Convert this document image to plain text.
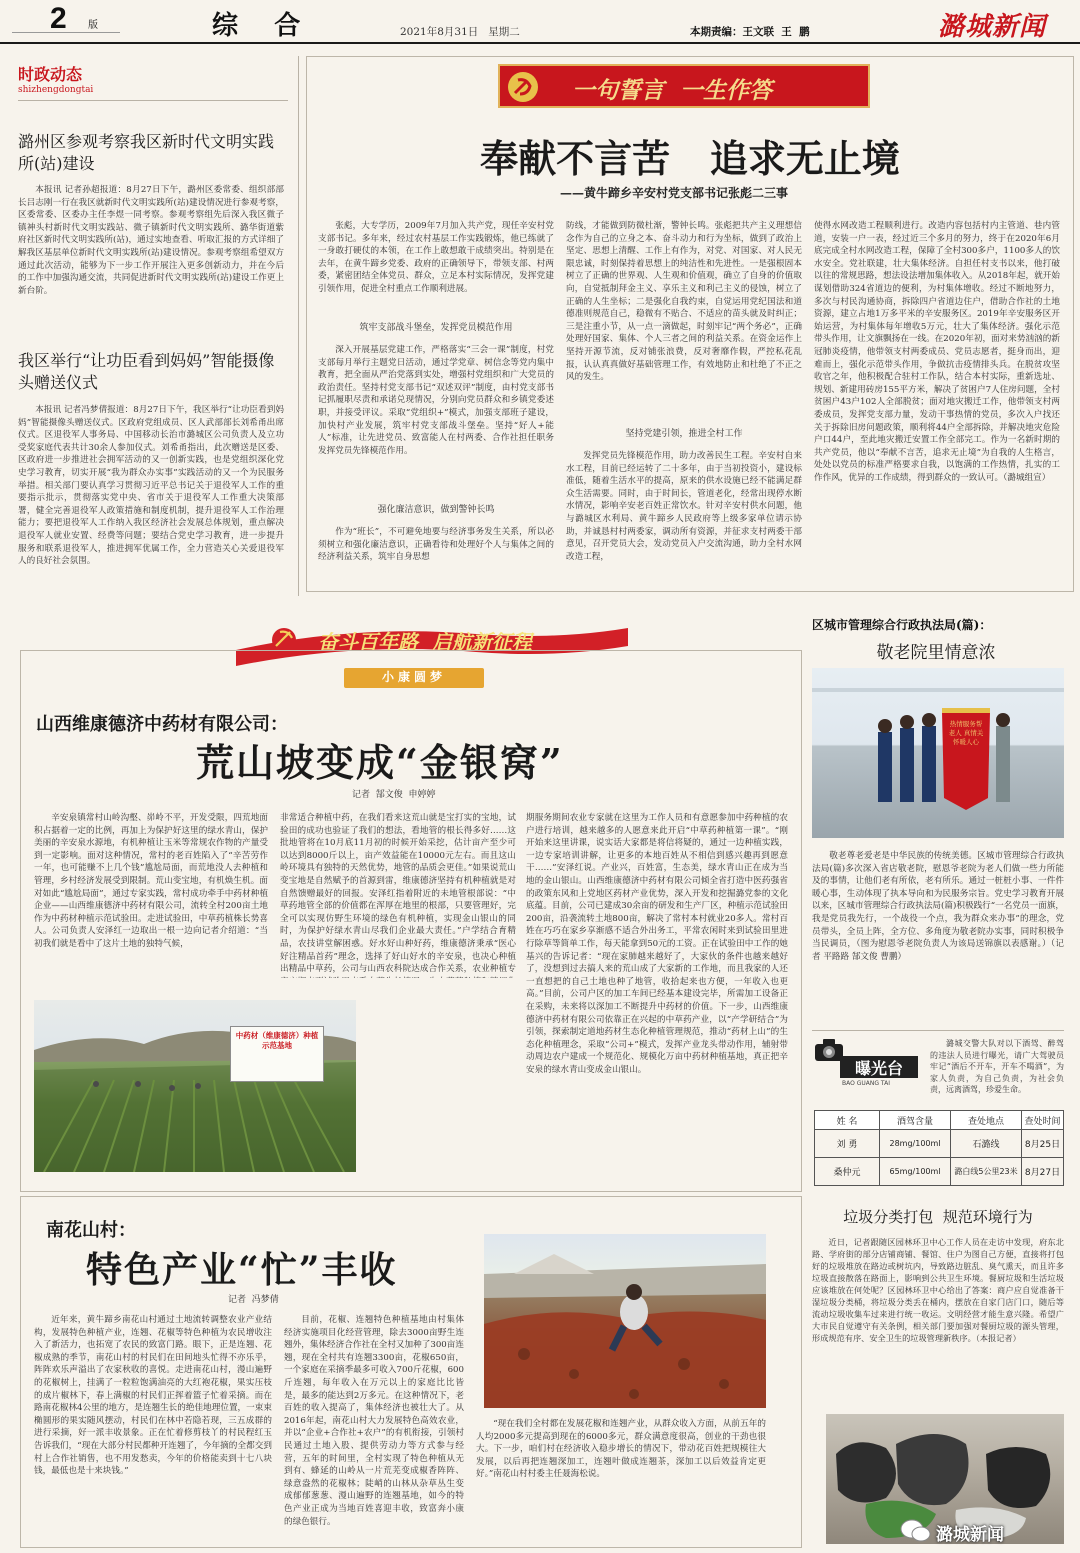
2 版	综    合	2021年8月31日   星期二	本期责编：王文联  王  鹏	潞城新闻
时政动态
shizhengdongtai
潞州区参观考察我区新时代文明实践所(站)建设
本报讯 记者孙超报道：8月27日下午，潞州区委常委、组织部部长吕志刚一行在我区就新时代文明实践所(站)建设情况进行参观考察，区委常委、区委办主任李煜一同考察。参观考察组先后深入我区微子镇神头村新时代文明实践站、微子镇新时代文明实践所、潞华街道紫府社区新时代文明实践所(站)，通过实地查看、听取汇报的方式详细了解我区基层单位新时代文明实践所(站)建设情况。参观考察组希望双方通过此次活动，能够为下一步工作开展注入更多创新动力，并在今后的工作中加强沟通交流，共同促进新时代文明实践所(站)建设工作更上新台阶。
我区举行“让功臣看到妈妈”智能摄像头赠送仪式
本报讯 记者冯梦倩报道：8月27日下午，我区举行“让功臣看到妈妈”智能摄像头赠送仪式。区政府党组成员、区人武部部长刘希甬出席仪式。区退役军人事务局、中国移动长治市潞城区公司负责人及立功受奖家庭代表共计30余人参加仪式。刘希甬指出，此次赠送是区委、区政府进一步推进社会拥军活动的又一创新实践，也是党组织深化党史学习教育，切实开展“我为群众办实事”实践活动的又一个为民服务举措。相关部门要认真学习贯彻习近平总书记关于退役军人工作的重要指示批示，贯彻落实党中央、省市关于退役军人工作重大决策部署，健全完善退役军人政策措施和制度机制，提升退役军人工作治理能力；要把退役军人工作纳入我区经济社会发展总体规划，重点解决退役军人就业安置、经费等问题；要结合党史学习教育，进一步提升服务和联系退役军人，推进拥军优属工作，全力营造关心关爱退役军人的良好社会氛围。
一句誓言  一生作答
奉献不言苦   追求无止境
——黄牛蹄乡辛安村党支部书记张彪二三事
张彪，大专学历，2009年7月加入共产党，现任辛安村党支部书记。多年来，经过农村基层工作实践锻炼，他已练就了一身敢打硬仗的本领，在工作上敢想敢干成绩突出。特别是在去年，在黄牛蹄乡党委、政府的正确领导下，带领支部、村两委，紧密团结全体党员、群众，立足本村实际情况，发挥党建引领作用，促进全村重点工作顺利进展。
筑牢支部战斗堡垒，发挥党员模范作用
深入开展基层党建工作，严格落实“三会一课”制度，村党支部每月举行主题党日活动，通过学党章、树信念等党内集中教育，把全面从严治党落到实处，增强村党组织和广大党员的政治责任。坚持村党支部书记“双述双评”制度，由村党支部书记抓履职尽责和承诺兑现情况，分别向党员群众和乡镇党委述职，并接受评议。采取“党组织+”模式，加强支部班子建设，加快村产业发展，筑牢村党支部战斗堡垒。坚持“好人+能人”标准，让先进党员、致富能人在村两委、合作社担任职务发挥党员先锋模范作用。
强化廉洁意识，做到警钟长鸣
作为“班长”，不可避免地要与经济事务发生关系，所以必须树立和强化廉洁意识，正确看待和处理好个人与集体之间的经济利益关系，筑牢自身思想
防线，才能做到防微杜渐，警钟长鸣。张彪把共产主义理想信念作为自己的立身之本、奋斗动力和行为坐标，做到了政治上坚定、思想上清醒、工作上有作为，对党、对国家、对人民无限忠诚，时刻保持着思想上的纯洁性和先进性。一是强根固本树立了正确的世界观、人生观和价值观，确立了自身的价值取向，自觉抵制拜金主义、享乐主义和利己主义的侵蚀，树立了正确的人生坐标；二是强化自我约束，自觉运用党纪国法和道德准则规范自己，稳微有不贴合、不适应的苗头就及时纠正；三是注重小节，从一点一滴做起，时刻牢记“两个务必”，正确处理好国家、集体、个人三者之间的利益关系。在资金运作上坚持开源节流，反对铺张浪费，反对奢靡作假，严控私花乱报，认认真真做好基础管理工作，有效地防止和杜绝了不正之风的发生。
坚持党建引领，推进全村工作
发挥党员先锋模范作用，助力改善民生工程。辛安村自来水工程，目前已经运转了二十多年，由于当初投资小，建设标准低，随着生活水平的提高，原来的供水设施已经不能满足群众生活需要。同时，由于时间长，管道老化，经常出现停水断水情况，影响辛安老百姓正常饮水。针对辛安村供水问题，他与潞城区水利局、黄牛蹄乡人民政府等上级多家单位请示协助，并诚恳村村两委家，调动所有资源，并征求支村两委干部意见，召开党员大会，发动党员入户交流沟通，助力全村水网改造工程，
使得水网改造工程顺利进行。改造内容包括村内主管道、巷内管道，安装一户一表，经过近三个多月的努力，终于在2020年6月底完成全村水网改造工程，保障了全村300多户，1100多人的饮水安全。党社联建，壮大集体经济。自担任村支书以来，他打破以往的常规思路，想法设法增加集体收入。从2018年起，就开始谋划借助324省道边的便利，为村集体增收。经过不断地努力，多次与村民沟通协商，拆除四户省道边住户，借助合作社的土地资源，建立占地1万多平米的辛安服务区。2019年辛安服务区开始运营，为村集体每年增收5万元，壮大了集体经济。强化示范带头作用，让文旗飘扬在一线。在2020年初，面对来势汹汹的新冠肺炎疫情，他带领支村两委成员、党员志愿者，挺身而出，迎难而上，强化示范带头作用，争做抗击疫情排头兵。在脱贫攻坚收官之年，他积极配合驻村工作队，结合本村实际，重新选址、规划、新建用砖房155平方米，解决了贫困户7人住房问题，全村贫困户43户102人全部脱贫；面对地灾搬迁工作，他带领支村两委成员，发挥党支部力量，发动干事热情的党员，多次入户找还关于拆除旧房问题政策，顺利将44户全部拆除，并解决地灾危险户口44户，至此地灾搬迁安置工作全部完工。作为一名新时期的共产党员，他以“奉献不言苦，追求无止境”为自我的人生格言，处处以党员的标准严格要求自我，以饱满的工作热情，扎实的工作作风，优异的工作成绩，得到群众的一致认可。（潞城组宣）
奋斗百年路  启航新征程
小康圆梦
山西维康德济中药材有限公司：
荒山坡变成“金银窝”
记者  郜文俊  申婷婷
辛安泉镇常村山岭沟壑、峁岭不平，开发受限，四荒地面积占据着一定的比例，再加上为保护好这里的绿水青山，保护美丽的辛安泉水源地，有机种植让玉米等常规农作物的产量受到一定影响。面对这种情况，常村的老百姓陷入了“辛苦劳作一年，也可能赚不上几个钱”尴尬局面，而荒地没人去种植和管理，乡村经济发展受到限制。荒山变宝地，有机焕生机。面对如此“尴尬局面”，通过专家实践，常村成功牵手中药材种植企业——山西维康德济中药材有限公司，流转全村200亩土地作为中药材种植示范试验田。走进试验田，中草药植株长势喜人。公司负责人安泽红一边取出一根一边向记者介绍道：“当初我们就是看中了这片土地的独特气候，
非常适合种植中药，在我们看来这荒山就是宝打实的宝地，试验田的成功也验证了我们的想法，看地管的根长得多好……这批地管将在10月底11月初的时候开始采挖，估计亩产至少可以达到8000斤以上，亩产效益能在10000元左右。而且这山岭环境具有独特的天然优势，地管的品质会更佳。”如果说荒山变宝地是自然赋予的首源到雷，维康德济坚持有机种植就是对自然馈赠最好的回报。安泽红指着附近的未地管根部说：“中草药地管全部的价值都在浑厚在地里的根部，只要管理好，完全可以实现仿野生环境的绿色有机种植，实现金山银山的同时，为保护好绿水青山尽我们企业最大责任。”户学结合育精品，农技讲堂解困惑。好水好山种好药，维康德济秉承“医心好注精品首药”理念，选择了好山好水的辛安泉，也决心种植出精品中草药，公司与山西农科院达成合作关系，农业种植专
期服务期间农业专家就在这里为工作人员和有意愿参加中药种植的农户进行培训，越来越多的人愿意来此开启“中草药种植第一课”。“刚开始来这里讲课，说实话大家都是将信将疑的，通过一边种植实践，一边专家培训讲解，让更多的本地百姓从不相信到感兴趣再到愿意干……”安泽红说。产业兴，百姓富，生态美，绿水青山正在成为当地的金山银山。山西维康德济中药材有限公司倾全省打造中医药强省的政策东风和上党地区药材产业优势，深入开发和挖掘潞党参的文化底蕴。目前，公司已建成30余亩的研发和生产厂区，种植示范试验田200亩，沿袭流转土地800亩，解决了常村本村就业20多人。常村百姓在巧巧在家乡享渐感不适合外出务工，平常农闲时来到试验田里进行除草等简单工作，每天能拿到50元的工资。正在试验田中工作的她基兴的告诉记者：“现在家肺越来越好了，大家伙的条件也越来越好了，没想到过去搞人来的荒山成了大家新的工作地，而且我家的人还一直想把的自己土地也种了地管，收拾起来也方便，一年收入也更高。”目前，公司户区的加工车间已经基本建设完毕，所需加工设备正在采购，未来将以深加工不断提升中药材的价值。下一步，山西维康德济中药材有限公司依靠正在兴起的中草药产业，以“产学研结合”为引领，探索制定道地药材生态化种植管理规范，推动“药材上山”的生态化种植理念，采取“公司+”模式，发挥产业龙头带动作用，辅射带动周边农户建成一个规范化、规模化万亩中药材种植基地，真正把辛安泉的绿水青山变成金山银山。
中药材（维康德济）种植示范基地
南花山村：
特色产业“忙”丰收
记者  冯梦倩
近年来，黄牛蹄乡南花山村通过土地流转调整农业产业结构，发展特色种植产业，连翘、花椒等特色种植为农民增收注入了新活力，也拓宽了农民的致富门路。眼下，正是连翘、花椒成熟的季节，南花山村的村民们在田间地头忙得不亦乐乎，阵阵欢乐声溢出了农家秋收的喜悦。走进南花山村，漫山遍野的花椒树上，挂满了一粒粒饱满油亮的大红袍花椒，果实压枝的成片椒林下，春上满椒的村民们正挥着篮子忙着采摘。而在路南花椒林4公里的地方，是连翘生长的绝佳地理位置，一束束椭圆形的果实随风摆动，村民们在林中若隐若现，三五成群的进行采摘，好一派丰收景象。正在忙着修剪枝丫的村民程红玉告诉我们，“现在大部分村民都种开连翘了，今年摘的全都交到村上合作社销售，也不用发愁卖，今年的价格能卖到十七八块钱，最低也是十来块钱。”
目前，花椒、连翘特色种植基地由村集体经济实施项目化经营管理，除去3000亩野生连翘外，集体经济合作社在全村又加种了300亩连翘，现在全村共有连翘3300亩，花椒650亩，一个家庭在采摘季最多可收入700斤花椒，600斤连翘，每年收入在万元以上的家庭比比皆是，最多的能达到2万多元。在这种情况下，老百姓的收入提高了，集体经济也被壮大了。从2016年起，南花山村大力发展特色高效农业，并以“企业+合作社+农户”的有机衔接，引领村民通过土地入股、提供劳动力等方式参与经营，五年的时间里，全村实现了特色种植从无到有、蜂延的山岭从一片荒芜变成椒香阵阵、绿意盎然的花椒林；陡峭的山林从杂草丛生变成郁郁葱葱、漫山遍野的连翘基地，如今的特色产业正成为当地百姓喜迎丰收，致富奔小康的绿色银行。
“现在我们全村都在发展花椒和连翘产业，从群众收入方面，从前五年的人均2000多元提高到现在的6000多元，群众满意度很高，创业的干劲也很大。下一步，咱们村在经济收入稳步增长的情况下，带动花百姓把规模往大发展，以后再把连翘深加工，连翘叶做成连翘茶，深加工以后效益肯定更好。”南花山村村委主任聂海松说。
区城市管理综合行政执法局(篇)：
敬老院里情意浓
热情服务帮老人 真情关怀暖人心
敬老尊老爱老是中华民族的传统美德。区城市管理综合行政执法局(篇)多次深入省店敬老院，慰恩爷老院为老人们做一些力所能及的事情，让他们老有所依，老有所乐。通过一桩桩小事、一件件暖心事，生动体现了执本导向和为民服务宗旨。党史学习教育开展以来，区城市管理综合行政执法局(篇)积极践行“一名党员一面旗，我是党员我先行，一个战役一个点，我为群众来办事”的理念，党员带头，全员上阵，全方位、多角度为敬老院办实事，同时积极争当民调员，（图为慰恩爷老院负责人为该局送锦旗以表感谢。）（记者 平路路 郜文俊 曹鹏）
曝光台
BAO GUANG TAI
潞城交警大队对以下酒驾、醉驾的违法人员进行曝光，请广大驾驶员牢记“酒后不开车，开车不喝酒”，为家人负责，为自己负责，为社会负责，远离酒驾，珍爱生命。
姓 名	酒驾含量	查处地点	查处时间
刘 勇	28mg/100ml	石潞线	8月25日
桑仲元	65mg/100ml	潞白线5公里23米	8月27日
垃圾分类打包  规范环境行为
近日，记者跟随区园林环卫中心工作人员在走访中发现，府东北路、学府街的部分店铺商铺、餐馆、住户为图自己方便，直接将打包好的垃圾堆放在路边或树坑内，导致路边脏乱、臭气熏天，而且许多垃圾直接散落在路面上，影响到公共卫生环境。餐厨垃圾和生活垃圾应该堆放在何处呢？区园林环卫中心给出了答案：商户应自觉准备干湿垃圾分类桶，将垃圾分类丢在桶内，摆放在自家门店门口，随后等流动垃圾收集车过来进行统一收运。文明经营才能生意兴隆。希望广大市民自觉遵守有关条例，相关部门要加强对餐厨垃圾的源头管理，形成规范有序、安全卫生的垃圾管理新秩序。（本报记者）
潞城新闻
